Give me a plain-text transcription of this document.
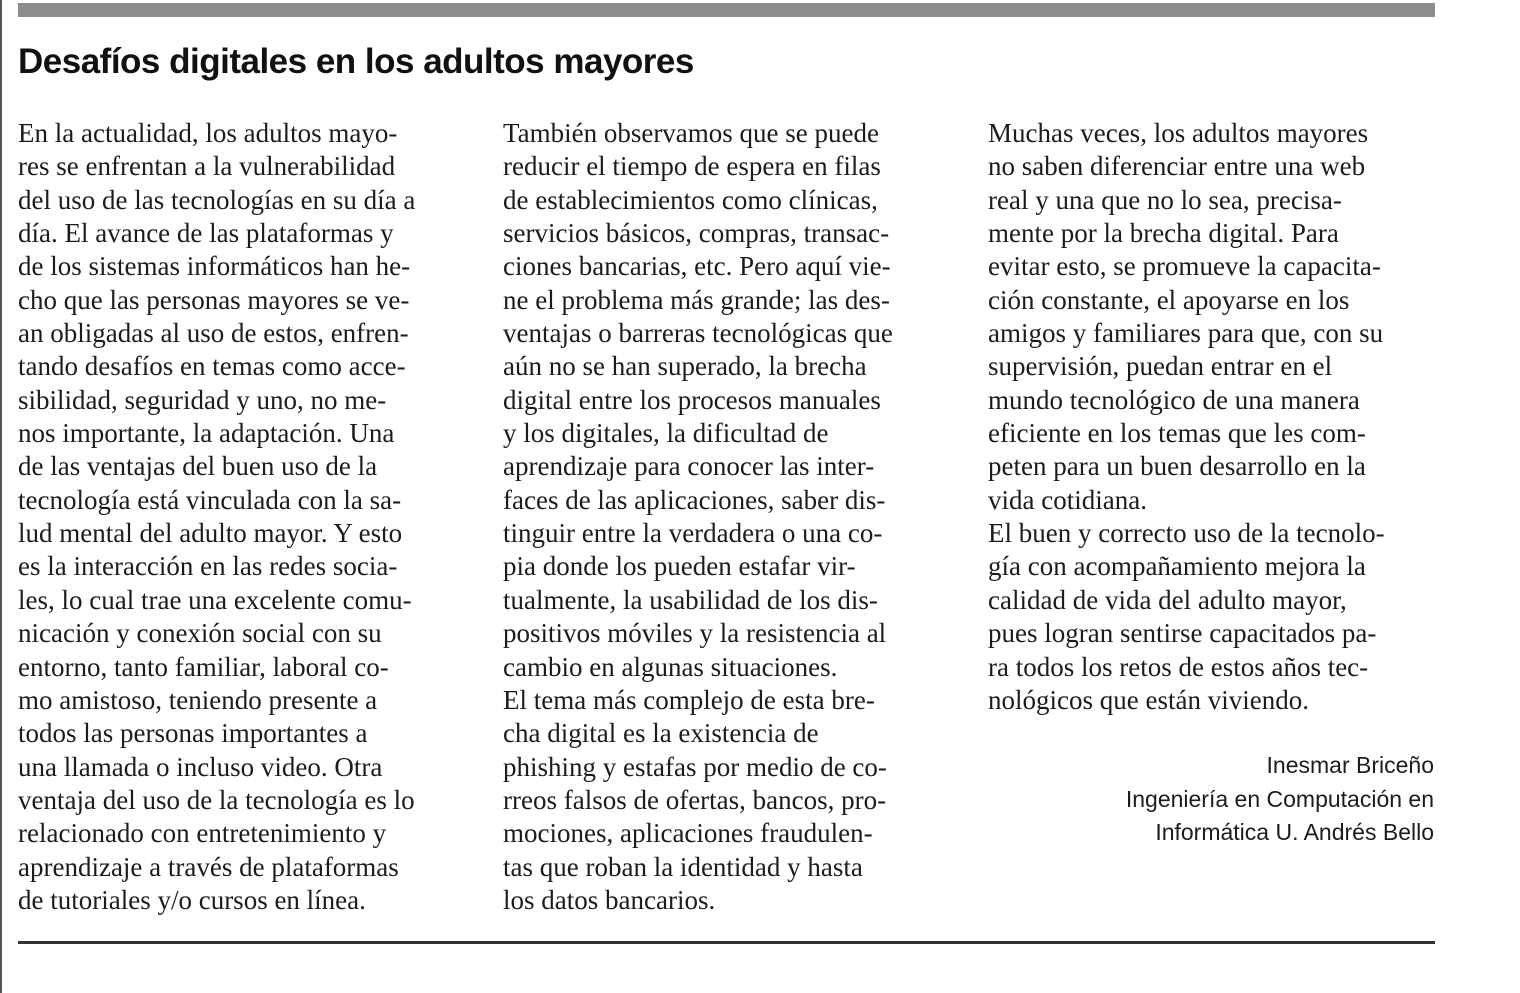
Desafíos digitales en los adultos mayores
En la actualidad, los adultos mayo-
res se enfrentan a la vulnerabilidad
del uso de las tecnologías en su día a
día. El avance de las plataformas y
de los sistemas informáticos han he-
cho que las personas mayores se ve-
an obligadas al uso de estos, enfren-
tando desafíos en temas como acce-
sibilidad, seguridad y uno, no me-
nos importante, la adaptación. Una
de las ventajas del buen uso de la
tecnología está vinculada con la sa-
lud mental del adulto mayor. Y esto
es la interacción en las redes socia-
les, lo cual trae una excelente comu-
nicación y conexión social con su
entorno, tanto familiar, laboral co-
mo amistoso, teniendo presente a
todos las personas importantes a
una llamada o incluso video. Otra
ventaja del uso de la tecnología es lo
relacionado con entretenimiento y
aprendizaje a través de plataformas
de tutoriales y/o cursos en línea.
También observamos que se puede
reducir el tiempo de espera en filas
de establecimientos como clínicas,
servicios básicos, compras, transac-
ciones bancarias, etc. Pero aquí vie-
ne el problema más grande; las des-
ventajas o barreras tecnológicas que
aún no se han superado, la brecha
digital entre los procesos manuales
y los digitales, la dificultad de
aprendizaje para conocer las inter-
faces de las aplicaciones, saber dis-
tinguir entre la verdadera o una co-
pia donde los pueden estafar vir-
tualmente, la usabilidad de los dis-
positivos móviles y la resistencia al
cambio en algunas situaciones.
El tema más complejo de esta bre-
cha digital es la existencia de
phishing y estafas por medio de co-
rreos falsos de ofertas, bancos, pro-
mociones, aplicaciones fraudulen-
tas que roban la identidad y hasta
los datos bancarios.
Muchas veces, los adultos mayores
no saben diferenciar entre una web
real y una que no lo sea, precisa-
mente por la brecha digital. Para
evitar esto, se promueve la capacita-
ción constante, el apoyarse en los
amigos y familiares para que, con su
supervisión, puedan entrar en el
mundo tecnológico de una manera
eficiente en los temas que les com-
peten para un buen desarrollo en la
vida cotidiana.
El buen y correcto uso de la tecnolo-
gía con acompañamiento mejora la
calidad de vida del adulto mayor,
pues logran sentirse capacitados pa-
ra todos los retos de estos años tec-
nológicos que están viviendo.
Inesmar Briceño
Ingeniería en Computación en
Informática U. Andrés Bello
